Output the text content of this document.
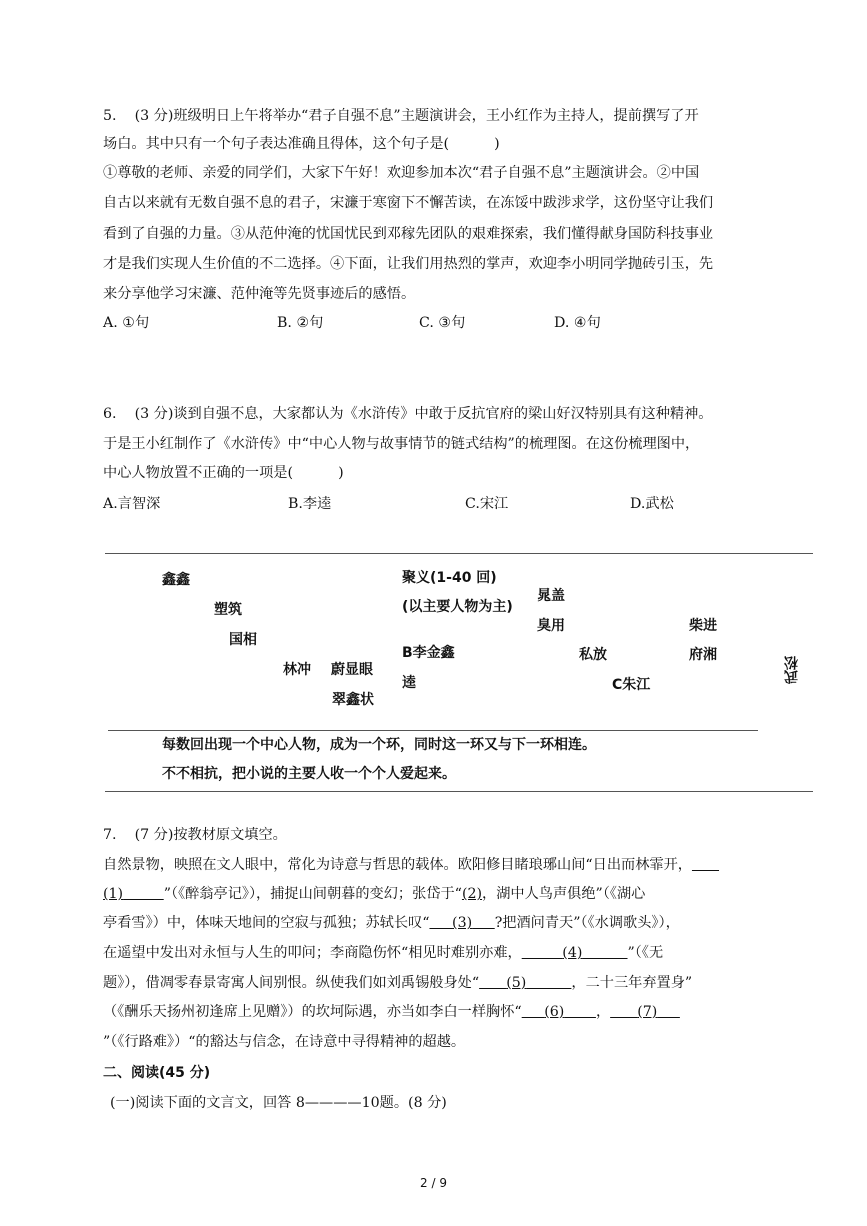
5.    (3 分)班级明日上午将举办“君子自强不息”主题演讲会，王小红作为主持人，提前撰写了开
场白。其中只有一个句子表达准确且得体，这个句子是(          )
①尊敬的老师、亲爱的同学们，大家下午好！欢迎参加本次“君子自强不息”主题演讲会。②中国
自古以来就有无数自强不息的君子，宋濂于寒窗下不懈苦读，在冻馁中跋涉求学，这份坚守让我们
看到了自强的力量。③从范仲淹的忧国忧民到邓稼先团队的艰难探索，我们懂得献身国防科技事业
才是我们实现人生价值的不二选择。④下面，让我们用热烈的掌声，欢迎李小明同学抛砖引玉，先
来分享他学习宋濂、范仲淹等先贤事迹后的感悟。

A. ①句

	B. ②句

	C. ③句

	D. ④句

6.    (3 分)谈到自强不息，大家都认为《水浒传》中敢于反抗官府的梁山好汉特别具有这种精神。
于是王小红制作了《水浒传》中“中心人物与故事情节的链式结构”的梳理图。在这份梳理图中，
中心人物放置不正确的一项是(          )

A.言智深

	B.李逵

	C.宋江

	D.武松

鑫鑫
塑筑
国相
林冲 蔚显眼
翠鑫状
聚义(1-40 回)
(以主要人物为主)
B李金鑫
逵
晁盖
臭用
私放
C朱江
柴进
府湘
武松
每数回出现一个中心人物，成为一个环，同时这一环又与下一环相连。
不不相抗，把小说的主要人收一个个人爱起来。
7.    (7 分)按教材原文填空。
自然景物，映照在文人眼中，常化为诗意与哲思的载体。欧阳修目睹琅琊山间“日出而林霏开，
(1)	”（《醉翁亭记》），捕捉山间朝暮的变幻；张岱于“(2)，湖中人鸟声俱绝”（《湖心
亭看雪》）中，体味天地间的空寂与孤独；苏轼长叹“ (3) ?把酒问青天”（《水调歌头》），
在遥望中发出对永恒与人生的叩问；李商隐伤怀“相见时难别亦难，	(4)	”（《无
题》），借凋零春景寄寓人间别恨。纵使我们如刘禹锡般身处“ (5)	，二十三年弃置身”
（《酬乐天扬州初逢席上见赠》）的坎坷际遇，亦当如李白一样胸怀“ (6) ， (7)
”（《行路难》）“的豁达与信念，在诗意中寻得精神的超越。
二、阅读(45 分)
(一)阅读下面的文言文，回答 8————10题。(8 分)
2 / 9
